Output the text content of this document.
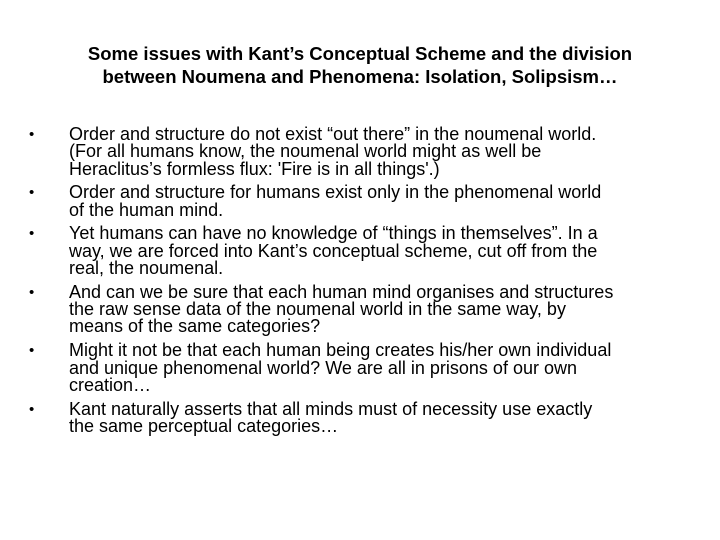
Some issues with Kant’s Conceptual Scheme and the division
between Noumena and Phenomena: Isolation, Solipsism…
• Order and structure do not exist “out there” in the noumenal world.
(For all humans know, the noumenal world might as well be
Heraclitus’s formless flux: 'Fire is in all things'.)
• Order and structure for humans exist only in the phenomenal world
of the human mind.
• Yet humans can have no knowledge of “things in themselves”. In a
way, we are forced into Kant’s conceptual scheme, cut off from the
real, the noumenal.
• And can we be sure that each human mind organises and structures
the raw sense data of the noumenal world in the same way, by
means of the same categories?
• Might it not be that each human being creates his/her own individual
and unique phenomenal world? We are all in prisons of our own
creation…
• Kant naturally asserts that all minds must of necessity use exactly
the same perceptual categories…
